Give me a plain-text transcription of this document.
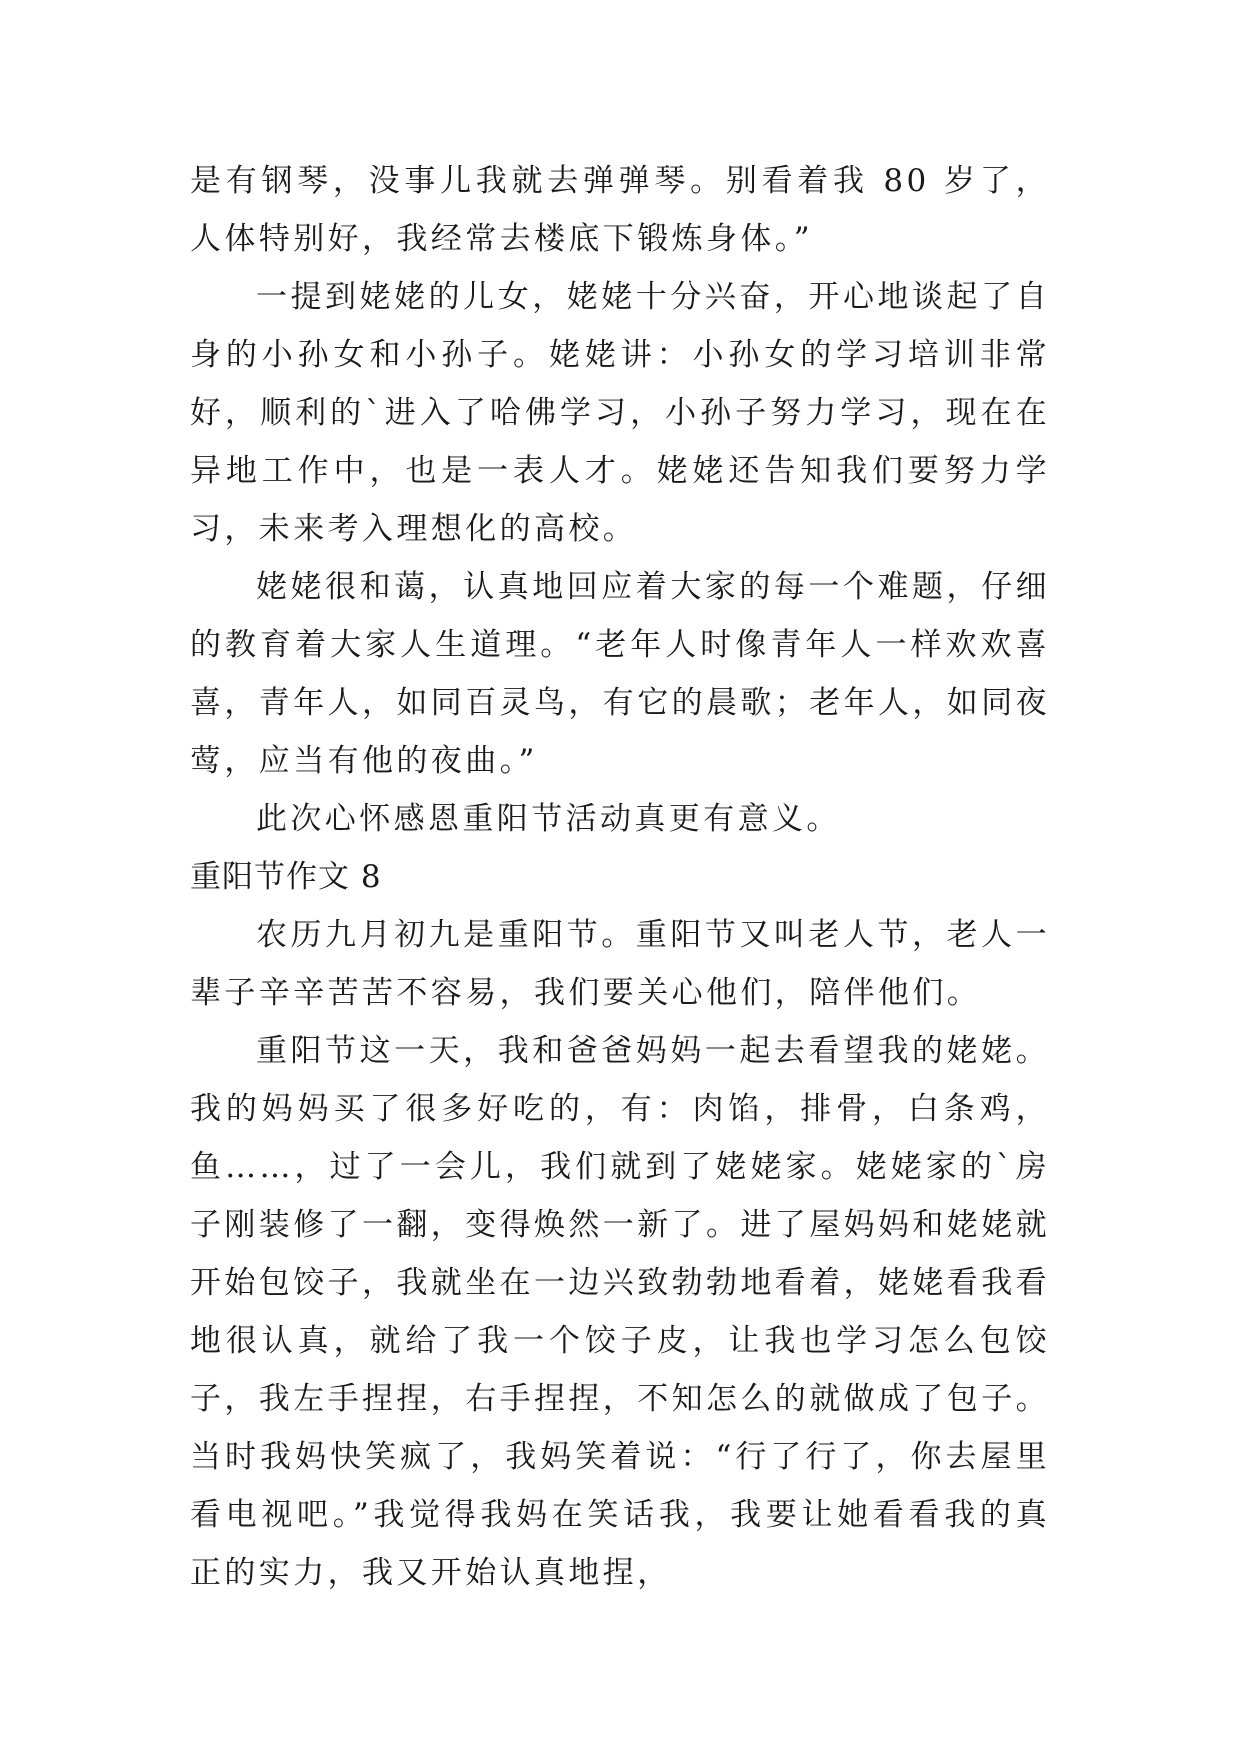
是有钢琴，没事儿我就去弹弹琴。别看着我 80 岁了，人体特别好，我经常去楼底下锻炼身体。”

一提到姥姥的儿女，姥姥十分兴奋，开心地谈起了自身的小孙女和小孙子。姥姥讲：小孙女的学习培训非常好，顺利的`进入了哈佛学习，小孙子努力学习，现在在异地工作中，也是一表人才。姥姥还告知我们要努力学习，未来考入理想化的高校。

姥姥很和蔼，认真地回应着大家的每一个难题，仔细的教育着大家人生道理。“老年人时像青年人一样欢欢喜喜，青年人，如同百灵鸟，有它的晨歌；老年人，如同夜莺，应当有他的夜曲。”

此次心怀感恩重阳节活动真更有意义。

重阳节作文 8

农历九月初九是重阳节。重阳节又叫老人节，老人一辈子辛辛苦苦不容易，我们要关心他们，陪伴他们。

重阳节这一天，我和爸爸妈妈一起去看望我的姥姥。我的妈妈买了很多好吃的，有：肉馅，排骨，白条鸡，鱼……，过了一会儿，我们就到了姥姥家。姥姥家的`房子刚装修了一翻，变得焕然一新了。进了屋妈妈和姥姥就开始包饺子，我就坐在一边兴致勃勃地看着，姥姥看我看地很认真，就给了我一个饺子皮，让我也学习怎么包饺子，我左手捏捏，右手捏捏，不知怎么的就做成了包子。当时我妈快笑疯了，我妈笑着说：“行了行了，你去屋里看电视吧。”我觉得我妈在笑话我，我要让她看看我的真正的实力，我又开始认真地捏，
